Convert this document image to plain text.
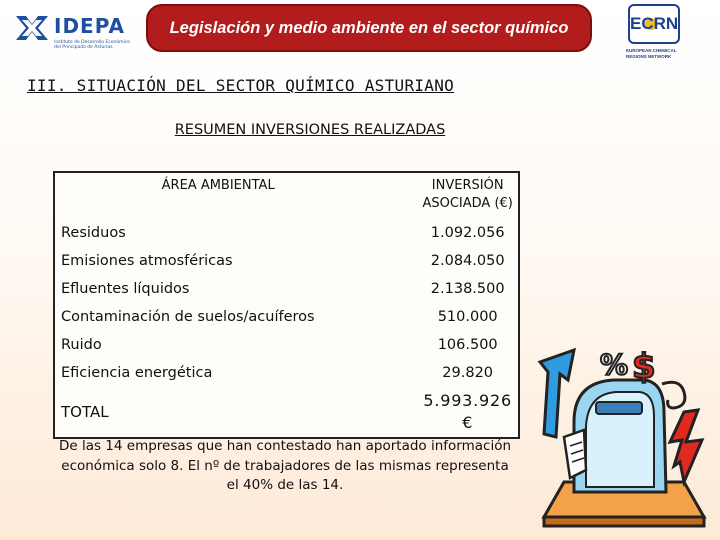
IDEPA
Instituto de Desarrollo Económico del Principado de Asturias
Legislación y medio ambiente en el sector químico	ECRN
EUROPEAN CHEMICAL REGIONS NETWORK
III. SITUACIÓN DEL SECTOR QUÍMICO ASTURIANO
RESUMEN INVERSIONES REALIZADAS
ÁREA AMBIENTAL	INVERSIÓN
ASOCIADA (€)

Residuos	1.092.056
Emisiones atmosféricas	2.084.050
Efluentes líquidos	2.138.500
Contaminación de suelos/acuíferos	510.000
Ruido	106.500
Eficiencia energética	29.820
TOTAL	5.993.926 €

De las 14 empresas que han contestado han aportado información económica solo 8. El nº de trabajadores de las mismas representa el 40% de las 14.

% $
